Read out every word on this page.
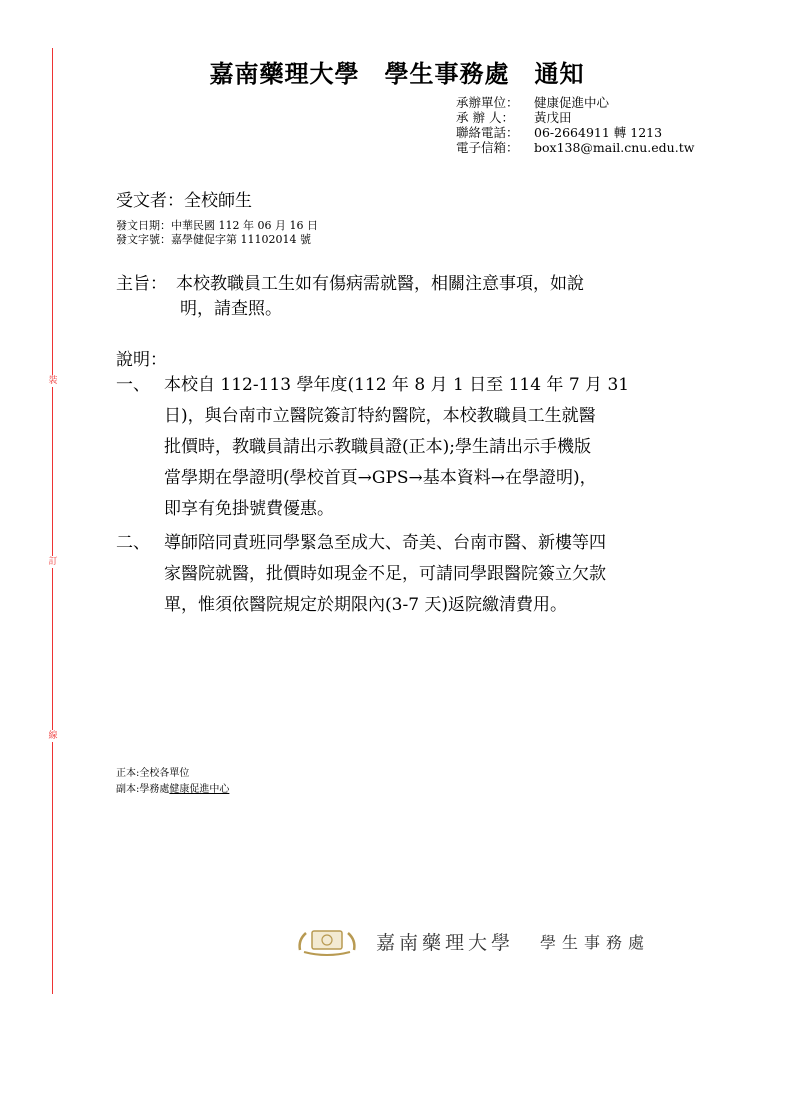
裝
訂
線
嘉南藥理大學　學生事務處　通知
承辦單位： 健康促進中心
承 辦 人： 黃戊田
聯絡電話： 06-2664911 轉 1213
電子信箱： box138@mail.cnu.edu.tw
受文者：全校師生
發文日期：中華民國 112 年 06 月 16 日
發文字號：嘉學健促字第 11102014 號
主旨： 本校教職員工生如有傷病需就醫，相關注意事項，如說
明，請查照。
說明：
一、 本校自 112-113 學年度(112 年 8 月 1 日至 114 年 7 月 31
日)，與台南市立醫院簽訂特約醫院，本校教職員工生就醫
批價時，教職員請出示教職員證(正本);學生請出示手機版
當學期在學證明(學校首頁→GPS→基本資料→在學證明)，
即享有免掛號費優惠。
二、 導師陪同責班同學緊急至成大、奇美、台南市醫、新樓等四
家醫院就醫，批價時如現金不足，可請同學跟醫院簽立欠款
單，惟須依醫院規定於期限內(3-7 天)返院繳清費用。
正本:全校各單位
副本:學務處健康促進中心
嘉南藥理大學 學生事務處
